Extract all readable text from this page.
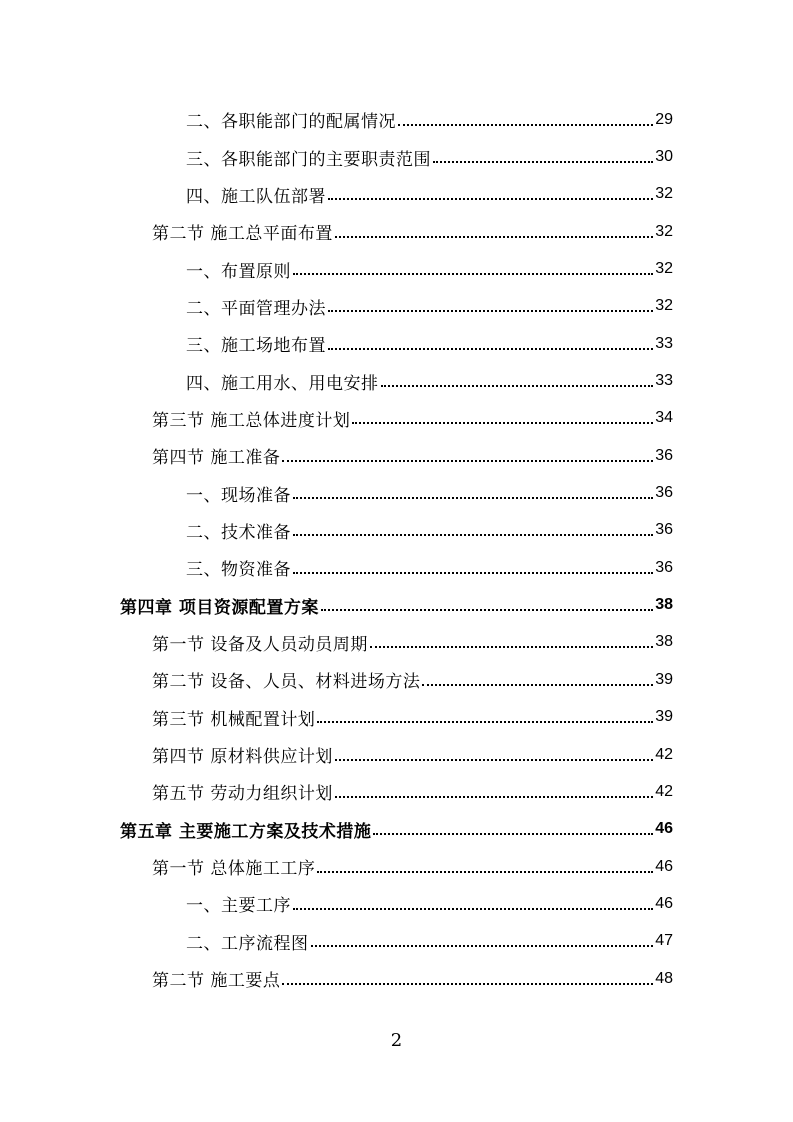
二、各职能部门的配属情况	29
三、各职能部门的主要职责范围	30
四、施工队伍部署	32
第二节 施工总平面布置	32
一、布置原则	32
二、平面管理办法	32
三、施工场地布置	33
四、施工用水、用电安排	33
第三节 施工总体进度计划	34
第四节 施工准备	36
一、现场准备	36
二、技术准备	36
三、物资准备	36
第四章 项目资源配置方案	38
第一节 设备及人员动员周期	38
第二节 设备、人员、材料进场方法	39
第三节 机械配置计划	39
第四节 原材料供应计划	42
第五节 劳动力组织计划	42
第五章 主要施工方案及技术措施	46
第一节 总体施工工序	46
一、主要工序	46
二、工序流程图	47
第二节 施工要点	48
2
